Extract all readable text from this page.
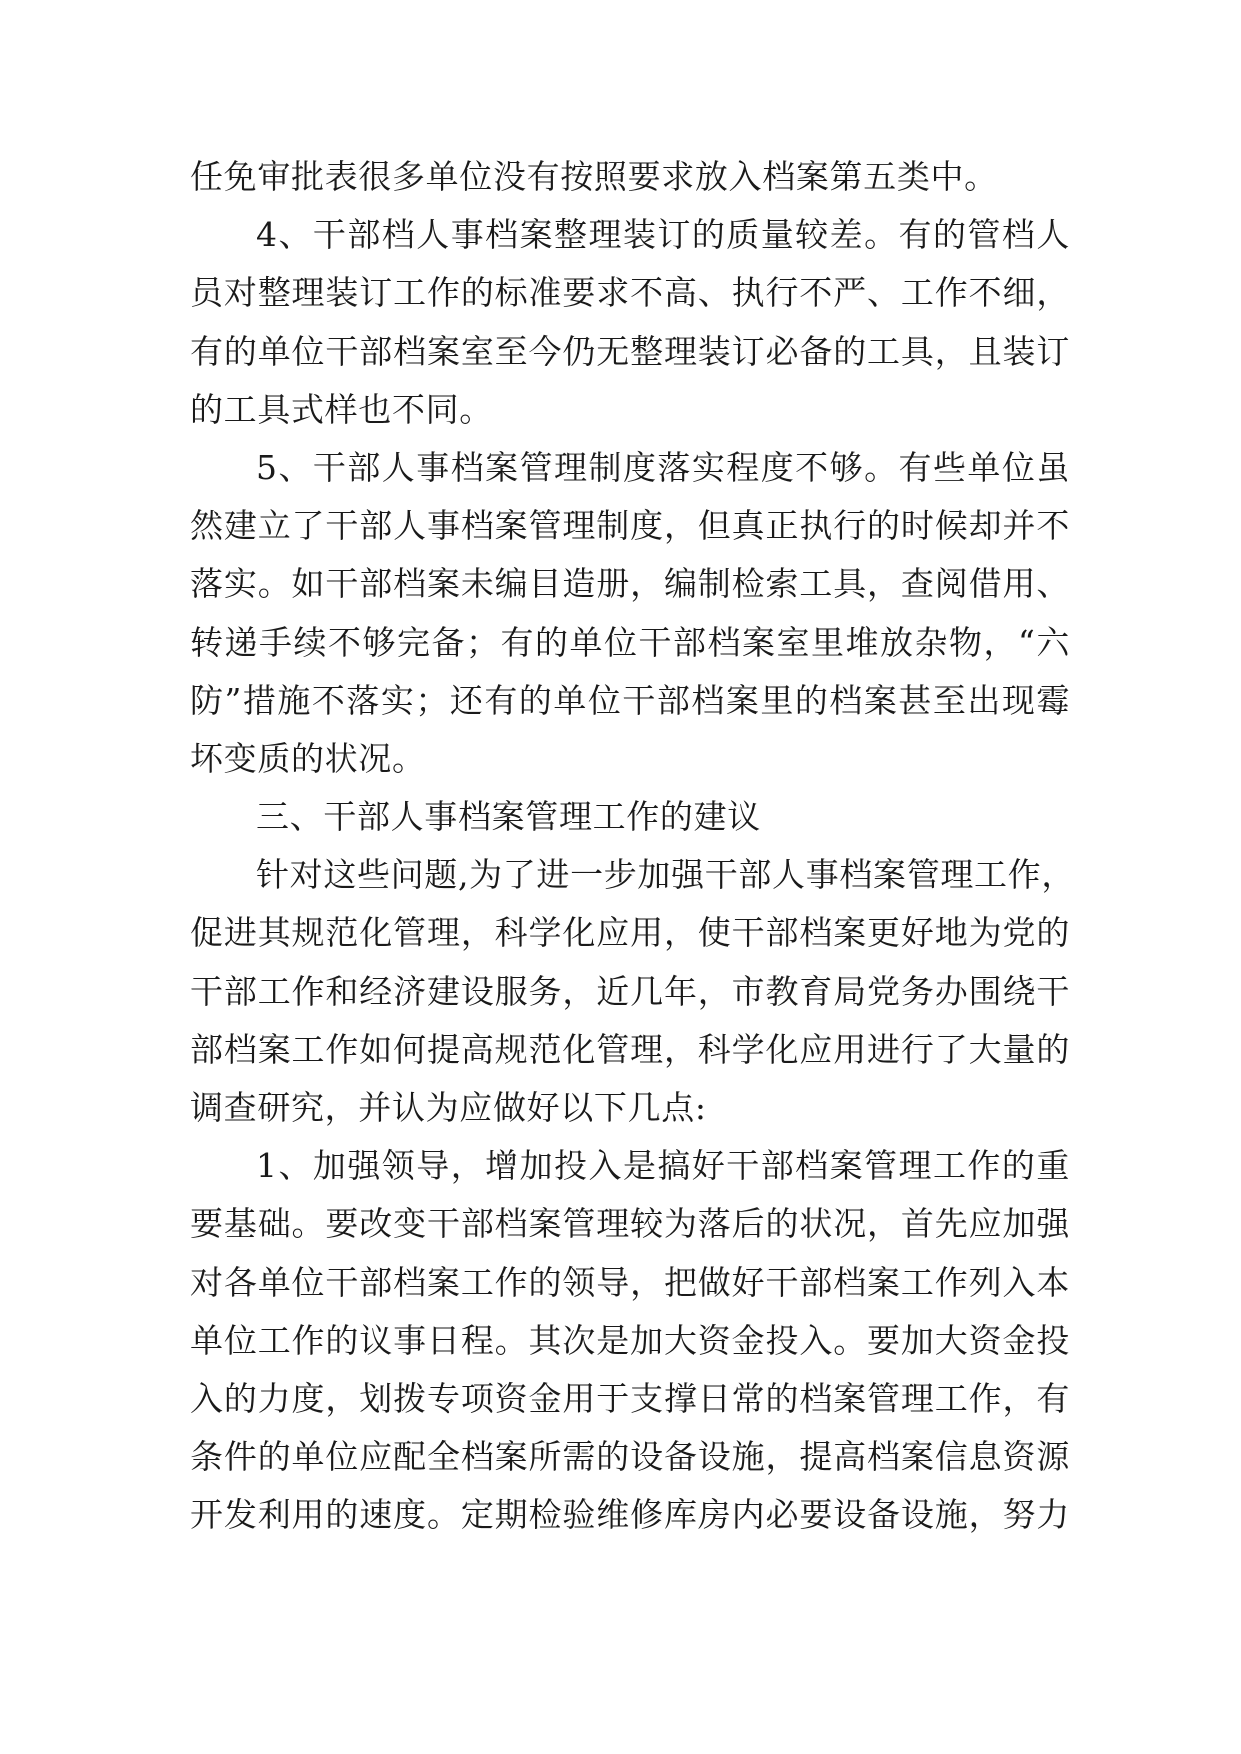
任免审批表很多单位没有按照要求放入档案第五类中。
4、干部档人事档案整理装订的质量较差。有的管档人
员对整理装订工作的标准要求不高、执行不严、工作不细，
有的单位干部档案室至今仍无整理装订必备的工具，且装订
的工具式样也不同。
5、干部人事档案管理制度落实程度不够。有些单位虽
然建立了干部人事档案管理制度，但真正执行的时候却并不
落实。如干部档案未编目造册，编制检索工具，查阅借用、
转递手续不够完备；有的单位干部档案室里堆放杂物，“六
防”措施不落实；还有的单位干部档案里的档案甚至出现霉
坏变质的状况。
三、干部人事档案管理工作的建议
针对这些问题,为了进一步加强干部人事档案管理工作，
促进其规范化管理，科学化应用，使干部档案更好地为党的
干部工作和经济建设服务，近几年，市教育局党务办围绕干
部档案工作如何提高规范化管理，科学化应用进行了大量的
调查研究，并认为应做好以下几点:
1、加强领导，增加投入是搞好干部档案管理工作的重
要基础。要改变干部档案管理较为落后的状况，首先应加强
对各单位干部档案工作的领导，把做好干部档案工作列入本
单位工作的议事日程。其次是加大资金投入。要加大资金投
入的力度，划拨专项资金用于支撑日常的档案管理工作，有
条件的单位应配全档案所需的设备设施，提高档案信息资源
开发利用的速度。定期检验维修库房内必要设备设施，努力
